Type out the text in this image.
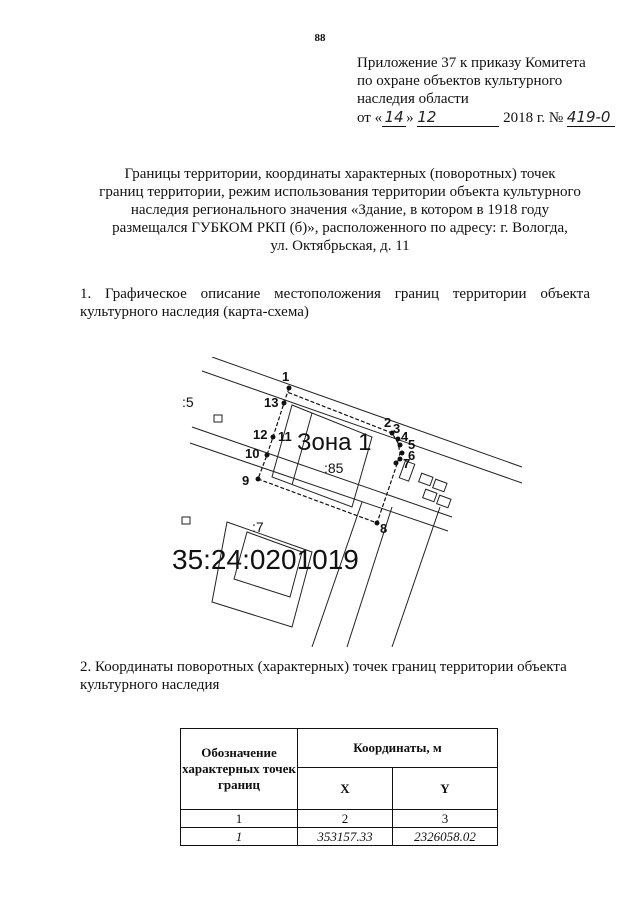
88
Приложение 37 к приказу Комитета
по охране объектов культурного
наследия области
от « 14 » 12	2018 г. № 419-0
Границы территории, координаты характерных (поворотных) точек
границ территории, режим использования территории объекта культурного
наследия регионального значения «Здание, в котором в 1918 году
размещался ГУБКОМ РКП (б)», расположенного по адресу: г. Вологда,
ул. Октябрьская, д. 11
1. Графическое описание местоположения границ территории объекта культурного наследия (карта-схема)
1
2 3
4
5
6
7
8
9
10
11
12
13
Зона 1
:85
:5
:7
35:24:0201019
2. Координаты поворотных (характерных) точек границ территории объекта культурного наследия
Обозначение характерных точек границ	Координаты, м	
	X	Y
1	2	3
1	353157.33	2326058.02
